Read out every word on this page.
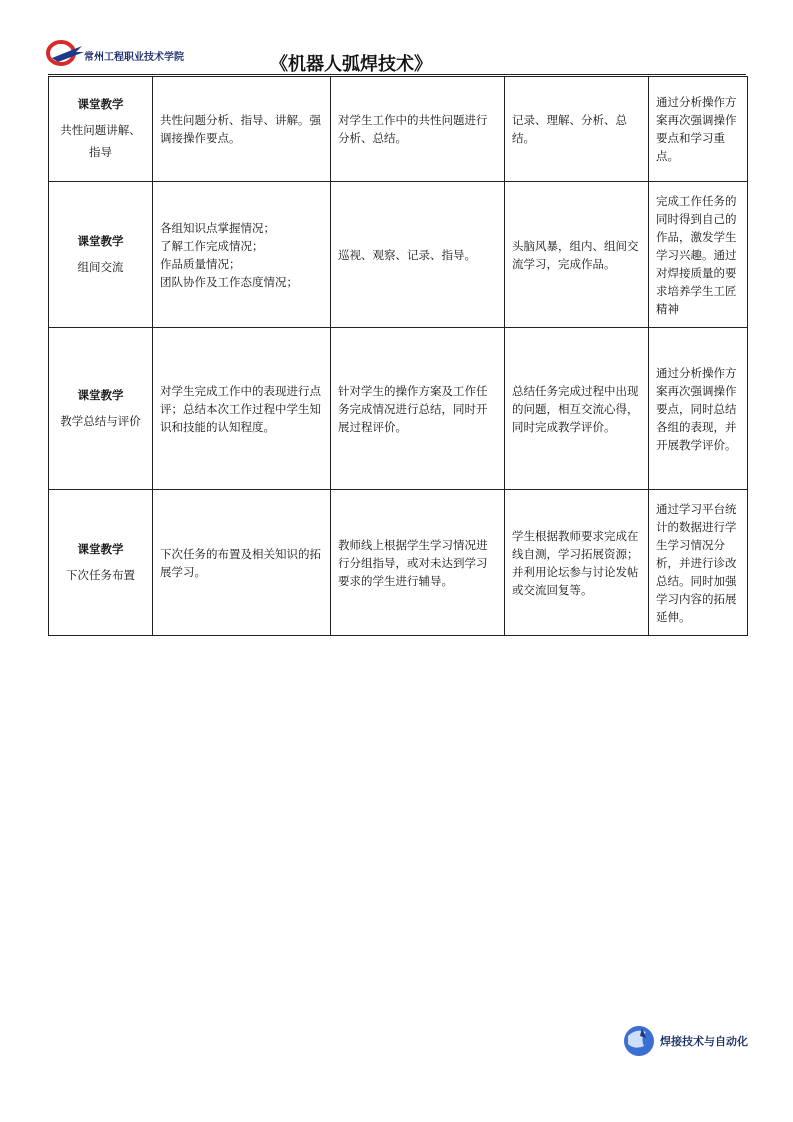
常州工程职业技术学院	《机器人弧焊技术》
课堂教学
共性问题讲解、指导	共性问题分析、指导、讲解。强调接操作要点。	对学生工作中的共性问题进行分析、总结。	记录、理解、分析、总结。	通过分析操作方案再次强调操作要点和学习重点。

课堂教学
组间交流	各组知识点掌握情况；
了解工作完成情况；
作品质量情况；
团队协作及工作态度情况；	巡视、观察、记录、指导。	头脑风暴，组内、组间交流学习，完成作品。	完成工作任务的同时得到自己的作品，激发学生学习兴趣。通过对焊接质量的要求培养学生工匠精神

课堂教学
教学总结与评价	对学生完成工作中的表现进行点评；总结本次工作过程中学生知识和技能的认知程度。	针对学生的操作方案及工作任务完成情况进行总结，同时开展过程评价。	总结任务完成过程中出现的问题，相互交流心得，同时完成教学评价。	通过分析操作方案再次强调操作要点，同时总结各组的表现，并开展教学评价。

课堂教学
下次任务布置	下次任务的布置及相关知识的拓展学习。	教师线上根据学生学习情况进行分组指导，或对未达到学习要求的学生进行辅导。	学生根据教师要求完成在线自测，学习拓展资源；并利用论坛参与讨论发帖或交流回复等。	通过学习平台统计的数据进行学生学习情况分析，并进行诊改总结。同时加强学习内容的拓展延伸。
焊接技术与自动化
